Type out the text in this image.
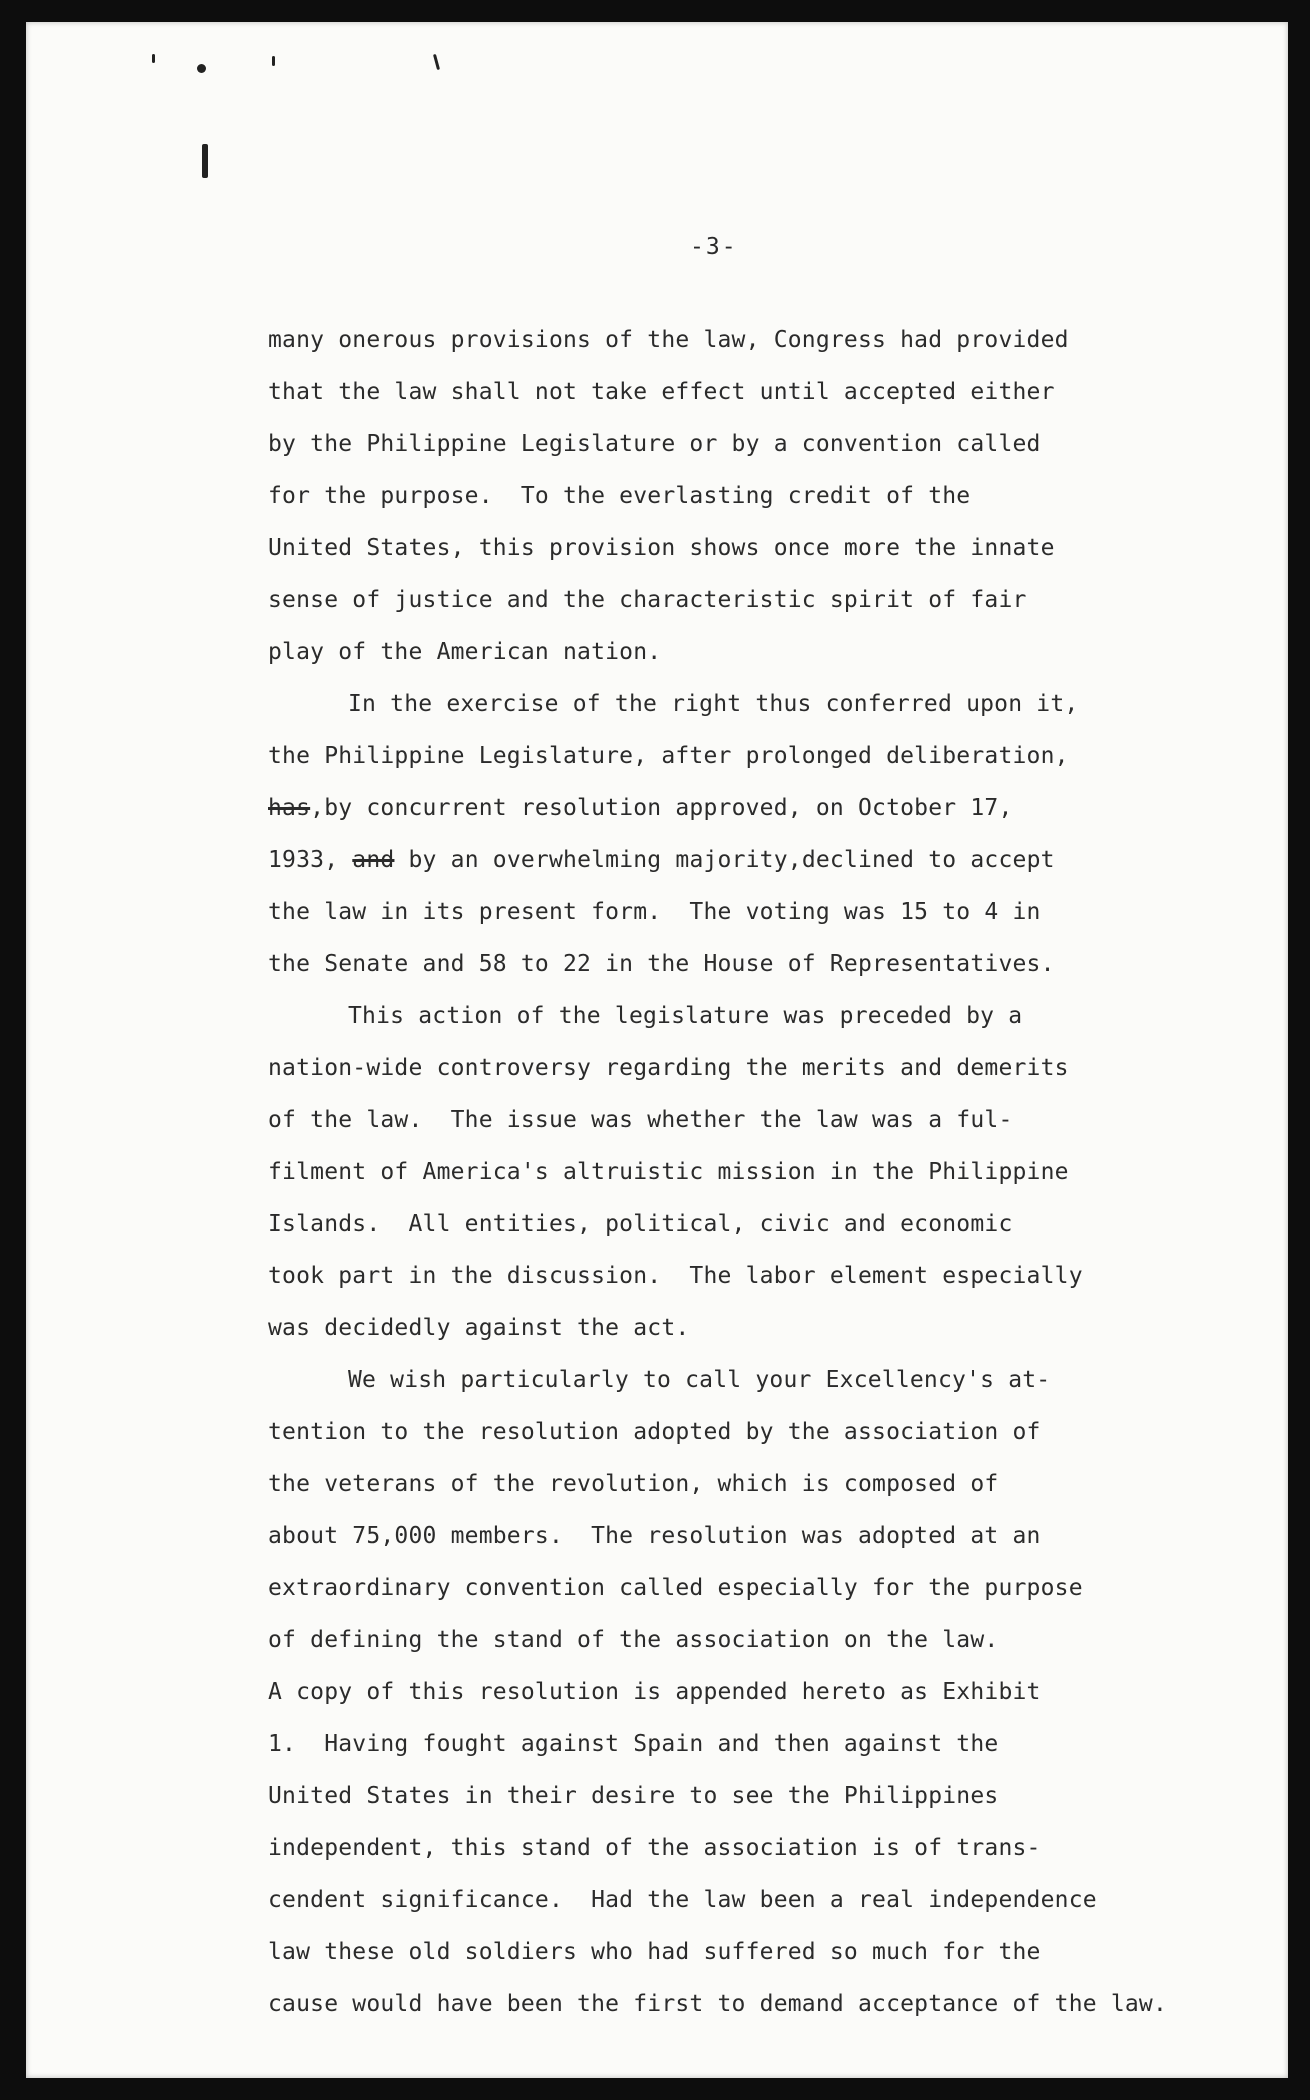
-3-
many onerous provisions of the law, Congress had provided
that the law shall not take effect until accepted either
by the Philippine Legislature or by a convention called
for the purpose.  To the everlasting credit of the
United States, this provision shows once more the innate
sense of justice and the characteristic spirit of fair
play of the American nation.
In the exercise of the right thus conferred upon it,
the Philippine Legislature, after prolonged deliberation,
has,by concurrent resolution approved, on October 17,
1933, and by an overwhelming majority,declined to accept
the law in its present form.  The voting was 15 to 4 in
the Senate and 58 to 22 in the House of Representatives.
This action of the legislature was preceded by a
nation-wide controversy regarding the merits and demerits
of the law.  The issue was whether the law was a ful-
filment of America's altruistic mission in the Philippine
Islands.  All entities, political, civic and economic
took part in the discussion.  The labor element especially
was decidedly against the act.
We wish particularly to call your Excellency's at-
tention to the resolution adopted by the association of
the veterans of the revolution, which is composed of
about 75,000 members.  The resolution was adopted at an
extraordinary convention called especially for the purpose
of defining the stand of the association on the law.
A copy of this resolution is appended hereto as Exhibit
1.  Having fought against Spain and then against the
United States in their desire to see the Philippines
independent, this stand of the association is of trans-
cendent significance.  Had the law been a real independence
law these old soldiers who had suffered so much for the
cause would have been the first to demand acceptance of the law.
